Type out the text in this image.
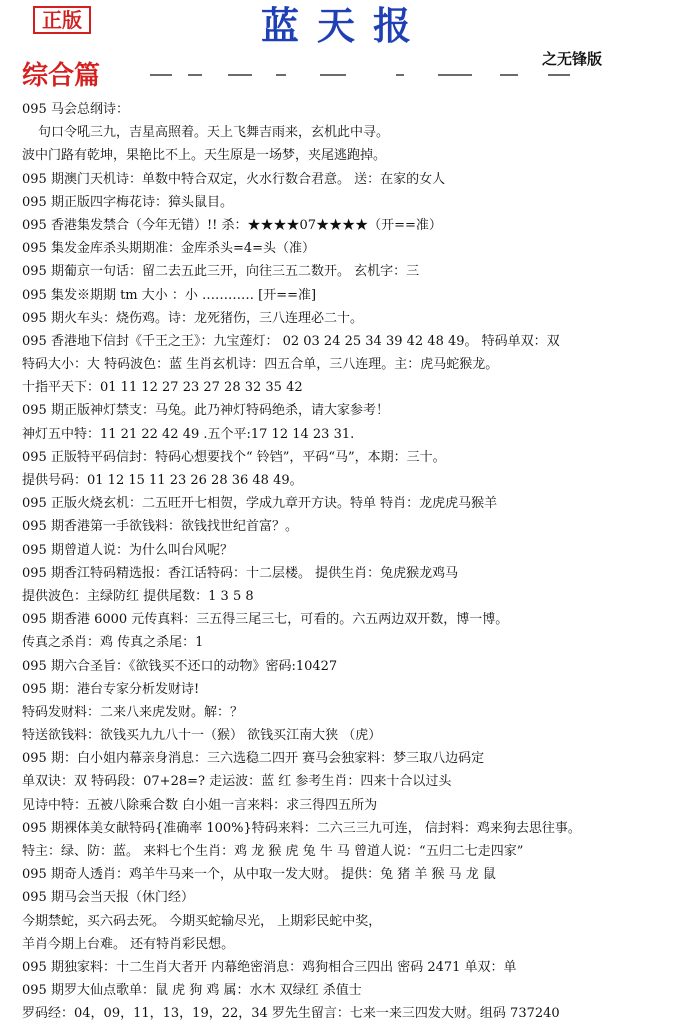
正版	蓝天报
之无锋版
综合篇
095 马会总纲诗：
句口令吼三九，吉星高照着。天上飞舞吉雨来，玄机此中寻。
波中门路有乾坤，果艳比不上。天生原是一场梦，夹尾逃跑掉。
095 期澳门天机诗：单数中特合双定，火水行数合君意。 送：在家的女人
095 期正版四字梅花诗：獐头鼠目。
095 香港集发禁合（今年无错）!! 杀：★★★★07★★★★（开==准）
095 集发金库杀头期期准：金库杀头=4=头（准）
095 期葡京一句话：留二去五此三开，向往三五二数开。 玄机字：三
095 集发※期期 tm 大小 ：小 ………… [开==准]
095 期火车头：烧伤鸡。诗：龙死猪伤，三八连理必二十。
095 香港地下信封《千王之王》：九宝莲灯： 02 03 24 25 34 39 42 48 49。 特码单双：双
特码大小：大 特码波色：蓝 生肖玄机诗：四五合单，三八连理。主：虎马蛇猴龙。
十指平天下：01 11 12 27 23 27 28 32 35 42
095 期正版神灯禁支：马兔。此乃神灯特码绝杀，请大家参考！
神灯五中特：11 21 22 42 49 .五个平:17 12 14 23 31.
095 正版特平码信封：特码心想要找个“ 铃铛”，平码“马”，本期：三十。
提供号码：01 12 15 11 23 26 28 36 48 49。
095 正版火烧玄机：二五旺开七相贺，学成九章开方诀。特单 特肖：龙虎虎马猴羊
095 期香港第一手欲钱料：欲钱找世纪首富？。
095 期曾道人说：为什么叫台风呢？
095 期香江特码精选报：香江话特码：十二层楼。 提供生肖：兔虎猴龙鸡马
提供波色：主绿防红 提供尾数：1 3 5 8
095 期香港 6000 元传真料：三五得三尾三七，可看的。六五两边双开数，博一博。
传真之杀肖：鸡 传真之杀尾：1
095 期六合圣旨：《欲钱买不还口的动物》密码:10427
095 期：港台专家分析发财诗!
特码发财料：二来八来虎发财。解：？
特送欲钱料：欲钱买九九八十一（猴） 欲钱买江南大狭 （虎）
095 期：白小姐内幕亲身消息：三六选稳二四开 赛马会独家料：梦三取八边码定
单双诀：双 特码段：07+28=? 走运波：蓝 红 参考生肖：四来十合以过头
见诗中特：五被八除乘合数 白小姐一言来料：求三得四五所为
095 期裸体美女献特码{准确率 100%}特码来料：二六三三九可连， 信封料：鸡来狗去思往事。
特主：绿、防：蓝。 来料七个生肖：鸡 龙 猴 虎 兔 牛 马 曾道人说：“五归二七走四家”
095 期奇人透肖：鸡羊牛马来一个，从中取一发大财。 提供：兔 猪 羊 猴 马 龙 鼠
095 期马会当天报（休门经）
今期禁蛇，买六码去死。 今期买蛇输尽光， 上期彩民蛇中奖，
羊肖今期上台难。 还有特肖彩民想。
095 期独家料：十二生肖大者开 内幕绝密消息：鸡狗相合三四出 密码 2471 单双：单
095 期罗大仙点歌单：鼠 虎 狗 鸡 属：水木 双绿红 杀值士
罗码经：04，09，11，13，19，22，34 罗先生留言：七来一来三四发大财。组码 737240
